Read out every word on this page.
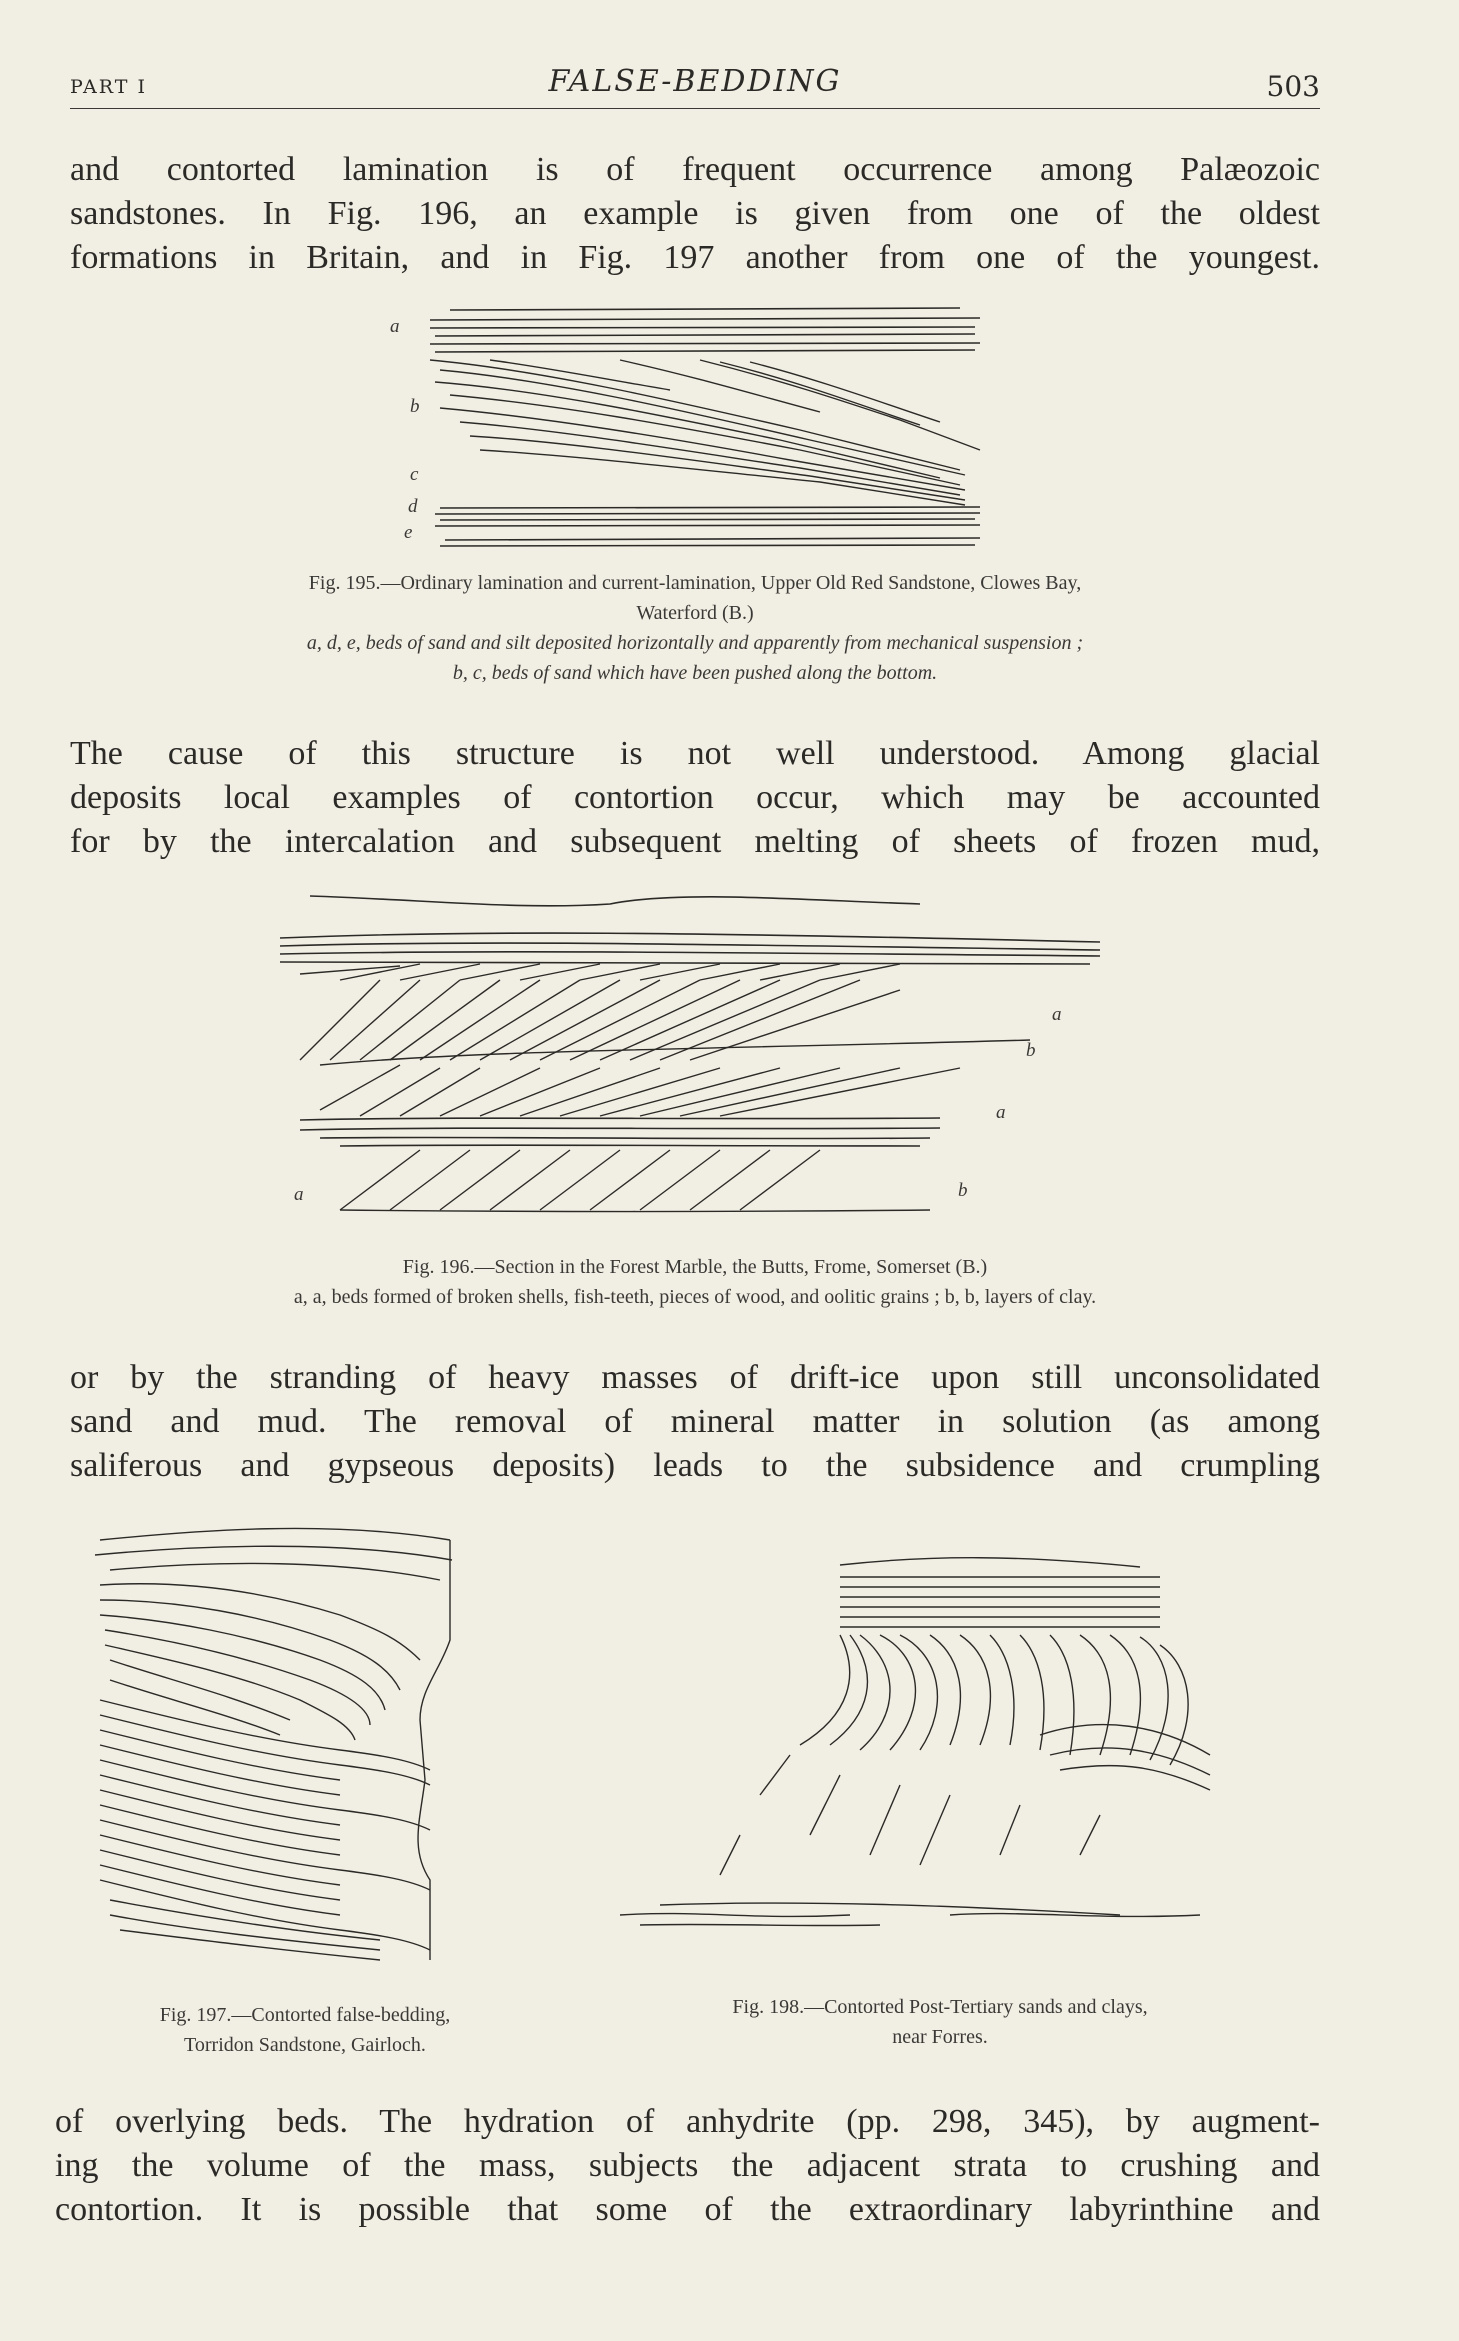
PART I	FALSE-BEDDING	503
and contorted lamination is of frequent occurrence among Palæozoic
sandstones. In Fig. 196, an example is given from one of the oldest
formations in Britain, and in Fig. 197 another from one of the youngest.
a
b
c
d
e
Fig. 195.—Ordinary lamination and current-lamination, Upper Old Red Sandstone, Clowes Bay,
Waterford (B.)
a, d, e, beds of sand and silt deposited horizontally and apparently from mechanical suspension ;
b, c, beds of sand which have been pushed along the bottom.
The cause of this structure is not well understood. Among glacial
deposits local examples of contortion occur, which may be accounted
for by the intercalation and subsequent melting of sheets of frozen mud,
a
b
a
a	b
Fig. 196.—Section in the Forest Marble, the Butts, Frome, Somerset (B.)
a, a, beds formed of broken shells, fish-teeth, pieces of wood, and oolitic grains ; b, b, layers of clay.
or by the stranding of heavy masses of drift-ice upon still unconsolidated
sand and mud. The removal of mineral matter in solution (as among
saliferous and gypseous deposits) leads to the subsidence and crumpling
Fig. 197.—Contorted false-bedding,
Torridon Sandstone, Gairloch.
Fig. 198.—Contorted Post-Tertiary sands and clays,
near Forres.
of overlying beds. The hydration of anhydrite (pp. 298, 345), by augment-
ing the volume of the mass, subjects the adjacent strata to crushing and
contortion. It is possible that some of the extraordinary labyrinthine and
